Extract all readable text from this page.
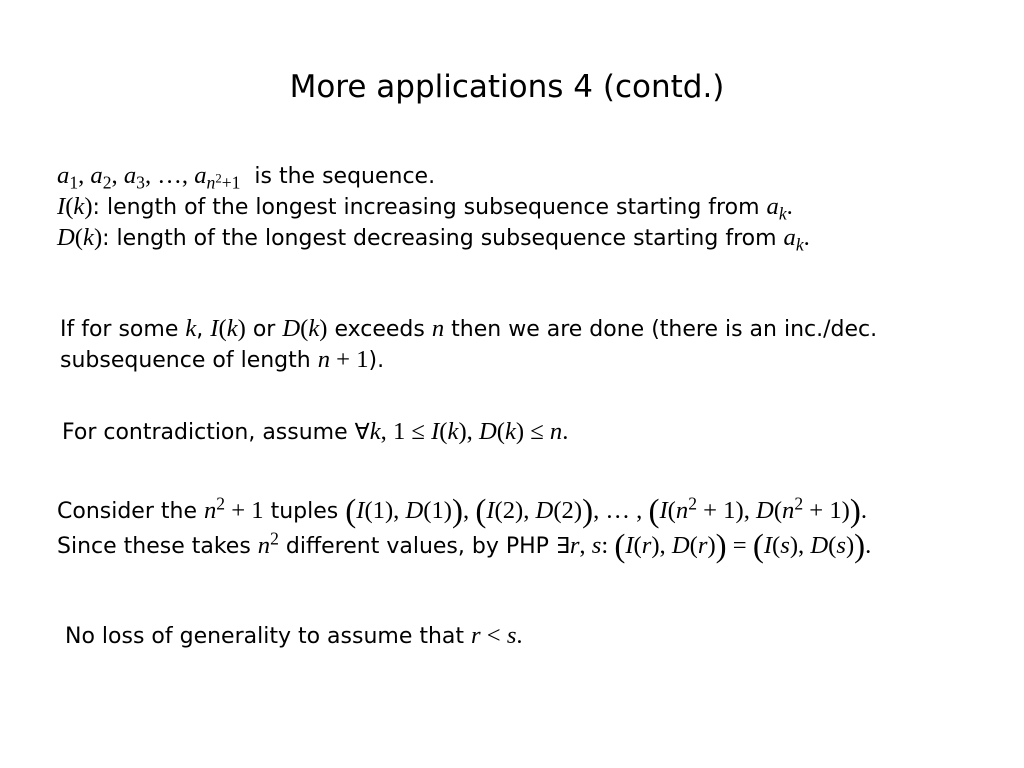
More applications 4 (contd.)
$a_1$, $a_2$, $a_3$, …, $a_n2_{+1}$  is the sequence.
I(k): length of the longest increasing subsequence starting from $a_k$.
D(k): length of the longest decreasing subsequence starting from $a_k$.
If for some k, I(k) or D(k) exceeds n then we are done (there is an inc./dec.
subsequence of length n + 1).
For contradiction, assume ∀k, 1 ≤ I(k), D(k) ≤ n.
Consider the $n^2 + 1$ tuples (I(1), D(1)), (I(2), D(2)), … , ($I(n^2 + 1)$, $D(n^2 + 1)$).
Since these takes $n^2$ different values, by PHP ∃r, s: (I(r), D(r)) = (I(s), D(s)).
No loss of generality to assume that r < s.
